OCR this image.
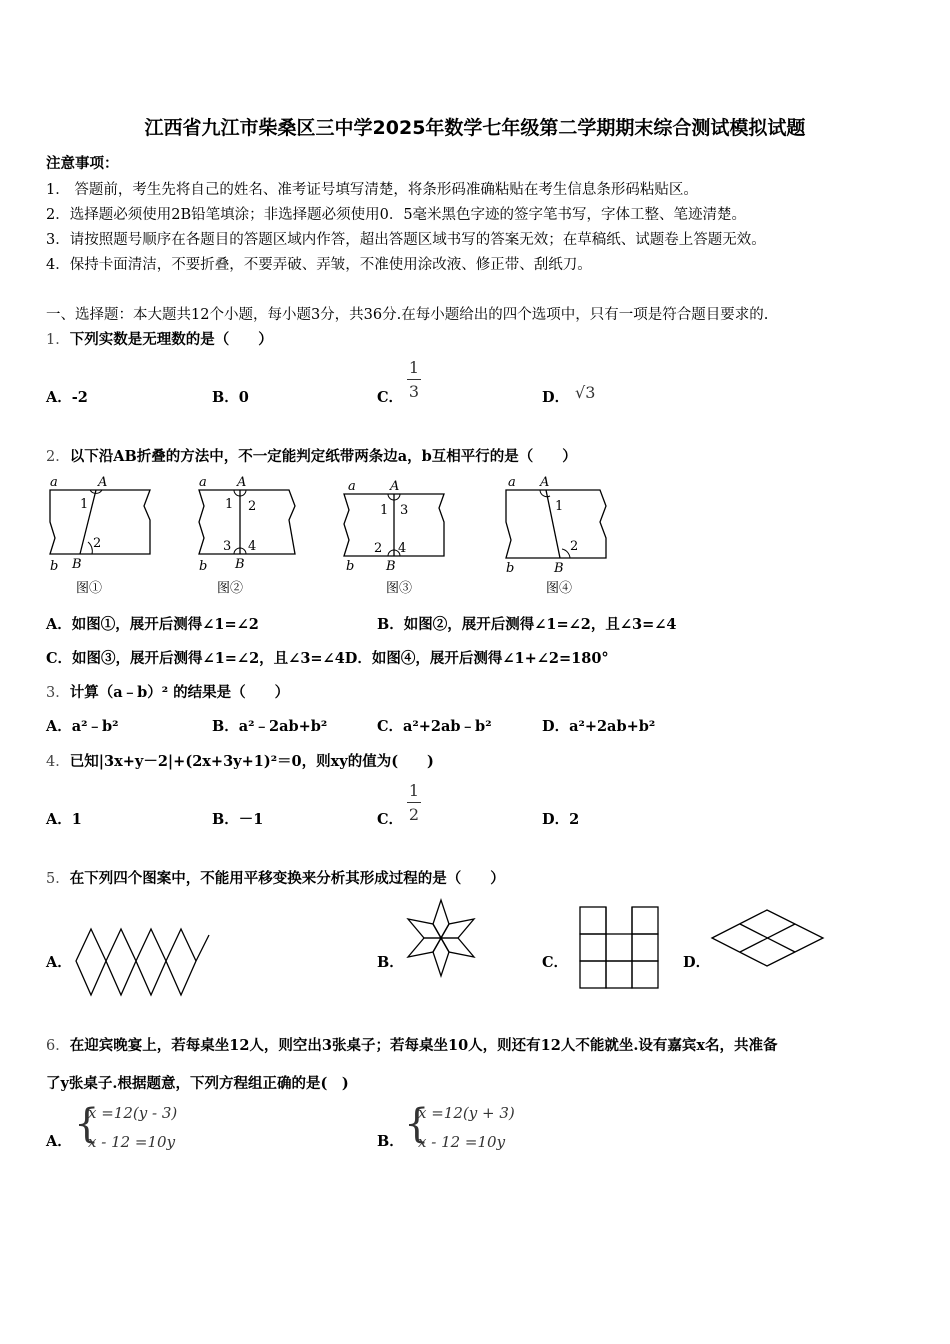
江西省九江市柴桑区三中学2025年数学七年级第二学期期末综合测试模拟试题
注意事项：
1． 答题前，考生先将自己的姓名、准考证号填写清楚，将条形码准确粘贴在考生信息条形码粘贴区。
2．选择题必须使用2B铅笔填涂；非选择题必须使用0．5毫米黑色字迹的签字笔书写，字体工整、笔迹清楚。
3．请按照题号顺序在各题目的答题区域内作答，超出答题区域书写的答案无效；在草稿纸、试题卷上答题无效。
4．保持卡面清洁，不要折叠，不要弄破、弄皱，不准使用涂改液、修正带、刮纸刀。
一、选择题：本大题共12个小题，每小题3分，共36分.在每小题给出的四个选项中，只有一项是符合题目要求的.
1．下列实数是无理数的是（　　）
A．-2	B．0	C．
1
3	D． √3
2．以下沿AB折叠的方法中，不一定能判定纸带两条边a，b互相平行的是（　　）
a	A
1
2
b B
图①
a A
1 2
3 4
b B
图②
a	A
1 3
2 4
b B
图③
a A
1
2
b	B
图④
A．如图①，展开后测得∠1=∠2	B．如图②，展开后测得∠1=∠2，且∠3=∠4
C．如图③，展开后测得∠1=∠2，且∠3=∠4D．如图④，展开后测得∠1+∠2=180°
3．计算（a﹣b）² 的结果是（　　）
A．a²﹣b²	B．a²﹣2ab+b²	C．a²+2ab﹣b²	D．a²+2ab+b²
4．已知|3x+y－2|+(2x+3y+1)²＝0，则xy的值为(　　)
A．1	B．－1	C．
1
2	D．2
5．在下列四个图案中，不能用平移变换来分析其形成过程的是（　　）
A．	B．	C．	D．
6．在迎宾晚宴上，若每桌坐12人，则空出3张桌子；若每桌坐10人，则还有12人不能就坐.设有嘉宾x名，共准备
了y张桌子.根据题意，下列方程组正确的是(　)
A． {
x =12(y - 3)
x - 12 =10y	B． {
x =12(y + 3)
x - 12 =10y
